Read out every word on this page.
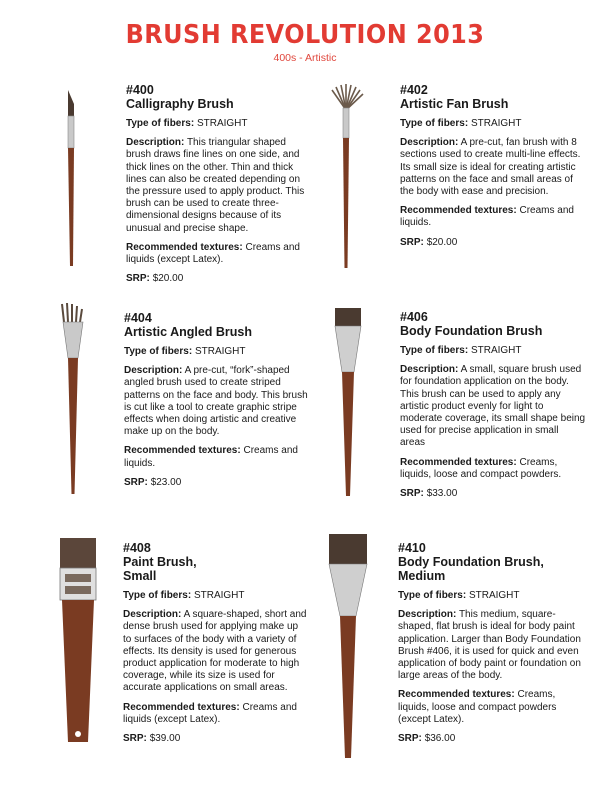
BRUSH REVOLUTION 2013
400s - Artistic
#400
Calligraphy Brush
Type of fibers: STRAIGHT
Description: This triangular shaped brush draws fine lines on one side, and thick lines on the other. Thin and thick lines can also be created depending on the pressure used to apply product. This brush can be used to create three-dimensional designs because of its unusual and precise shape.
Recommended textures: Creams and liquids (except Latex).
SRP: $20.00
#402
Artistic Fan Brush
Type of fibers: STRAIGHT
Description: A pre-cut, fan brush with 8 sections used to create multi-line effects. Its small size is ideal for creating artistic patterns on the face and small areas of the body with ease and precision.
Recommended textures: Creams and liquids.
SRP: $20.00
#404
Artistic Angled Brush
Type of fibers: STRAIGHT
Description: A pre-cut, “fork”-shaped angled brush used to create striped patterns on the face and body. This brush is cut like a tool to create graphic stripe effects when doing artistic and creative make up on the body.
Recommended textures: Creams and liquids.
SRP: $23.00
#406
Body Foundation Brush
Type of fibers: STRAIGHT
Description: A small, square brush used for foundation application on the body. This brush can be used to apply any artistic product evenly for light to moderate coverage, its small shape being used for precise application in small areas
Recommended textures: Creams, liquids, loose and compact powders.
SRP: $33.00
#408
Paint Brush, Small
Type of fibers: STRAIGHT
Description: A square-shaped, short and dense brush used for applying make up to surfaces of the body with a variety of effects. Its density is used for generous product application for moderate to high coverage, while its size is used for accurate applications on small areas.
Recommended textures: Creams and liquids (except Latex).
SRP: $39.00
#410
Body Foundation Brush, Medium
Type of fibers: STRAIGHT
Description: This medium, square-shaped, flat brush is ideal for body paint application. Larger than Body Foundation Brush #406, it is used for quick and even application of body paint or foundation on large areas of the body.
Recommended textures: Creams, liquids, loose and compact powders (except Latex).
SRP: $36.00
